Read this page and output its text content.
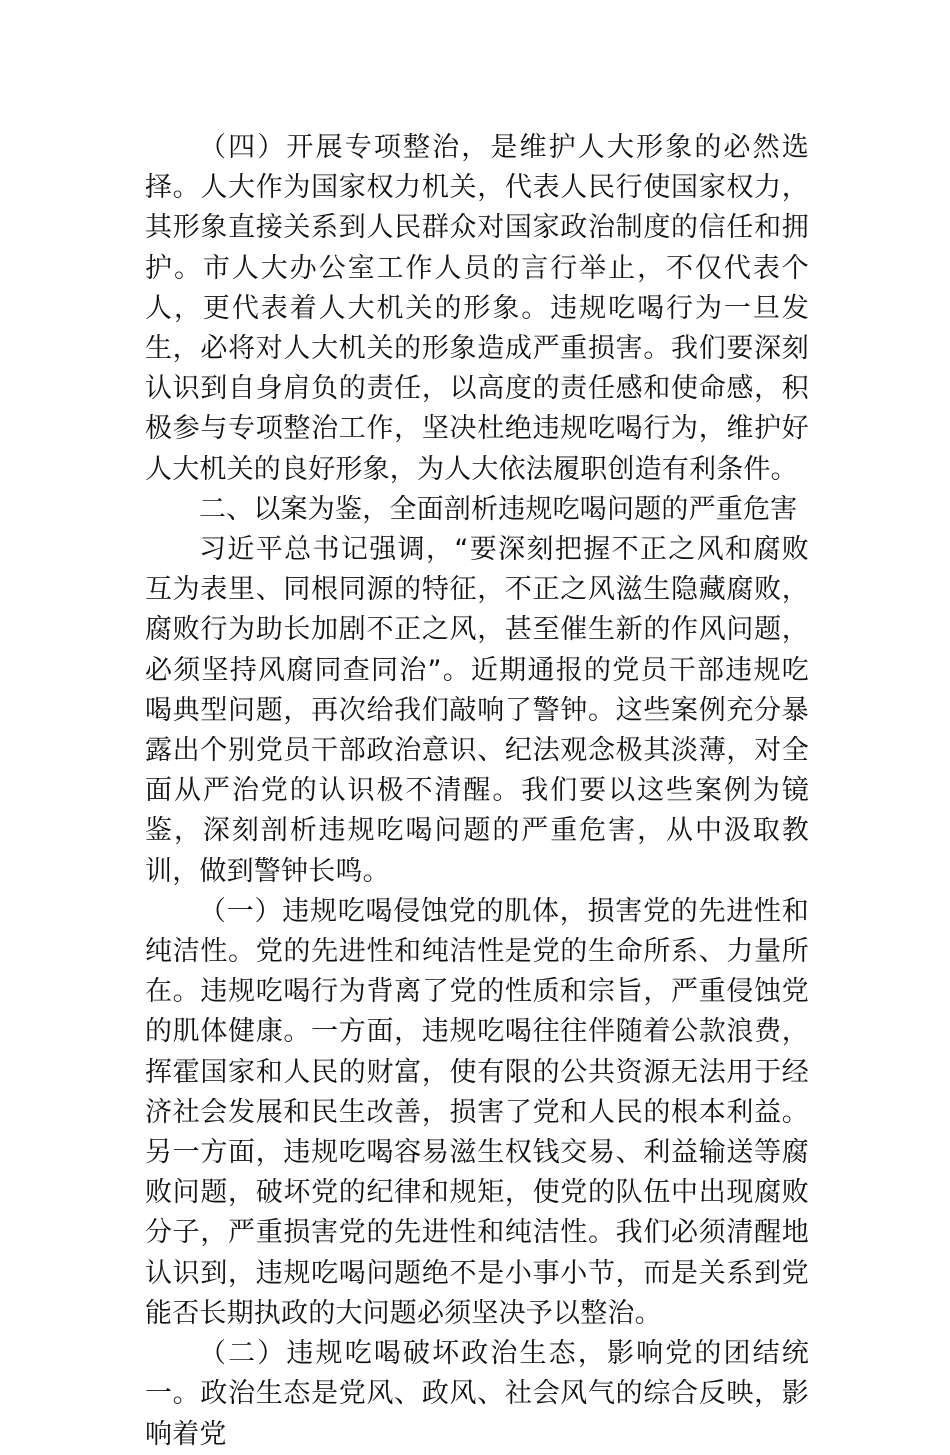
（四）开展专项整治，是维护人大形象的必然选择。人大作为国家权力机关，代表人民行使国家权力，其形象直接关系到人民群众对国家政治制度的信任和拥护。市人大办公室工作人员的言行举止，不仅代表个人，更代表着人大机关的形象。违规吃喝行为一旦发生，必将对人大机关的形象造成严重损害。我们要深刻认识到自身肩负的责任，以高度的责任感和使命感，积极参与专项整治工作，坚决杜绝违规吃喝行为，维护好人大机关的良好形象，为人大依法履职创造有利条件。

二、以案为鉴，全面剖析违规吃喝问题的严重危害

习近平总书记强调，“要深刻把握不正之风和腐败互为表里、同根同源的特征，不正之风滋生隐藏腐败，腐败行为助长加剧不正之风，甚至催生新的作风问题，必须坚持风腐同查同治”。近期通报的党员干部违规吃喝典型问题，再次给我们敲响了警钟。这些案例充分暴露出个别党员干部政治意识、纪法观念极其淡薄，对全面从严治党的认识极不清醒。我们要以这些案例为镜鉴，深刻剖析违规吃喝问题的严重危害，从中汲取教训，做到警钟长鸣。

（一）违规吃喝侵蚀党的肌体，损害党的先进性和纯洁性。党的先进性和纯洁性是党的生命所系、力量所在。违规吃喝行为背离了党的性质和宗旨，严重侵蚀党的肌体健康。一方面，违规吃喝往往伴随着公款浪费，挥霍国家和人民的财富，使有限的公共资源无法用于经济社会发展和民生改善，损害了党和人民的根本利益。另一方面，违规吃喝容易滋生权钱交易、利益输送等腐败问题，破坏党的纪律和规矩，使党的队伍中出现腐败分子，严重损害党的先进性和纯洁性。我们必须清醒地认识到，违规吃喝问题绝不是小事小节，而是关系到党能否长期执政的大问题必须坚决予以整治。

（二）违规吃喝破坏政治生态，影响党的团结统一。政治生态是党风、政风、社会风气的综合反映，影响着党
